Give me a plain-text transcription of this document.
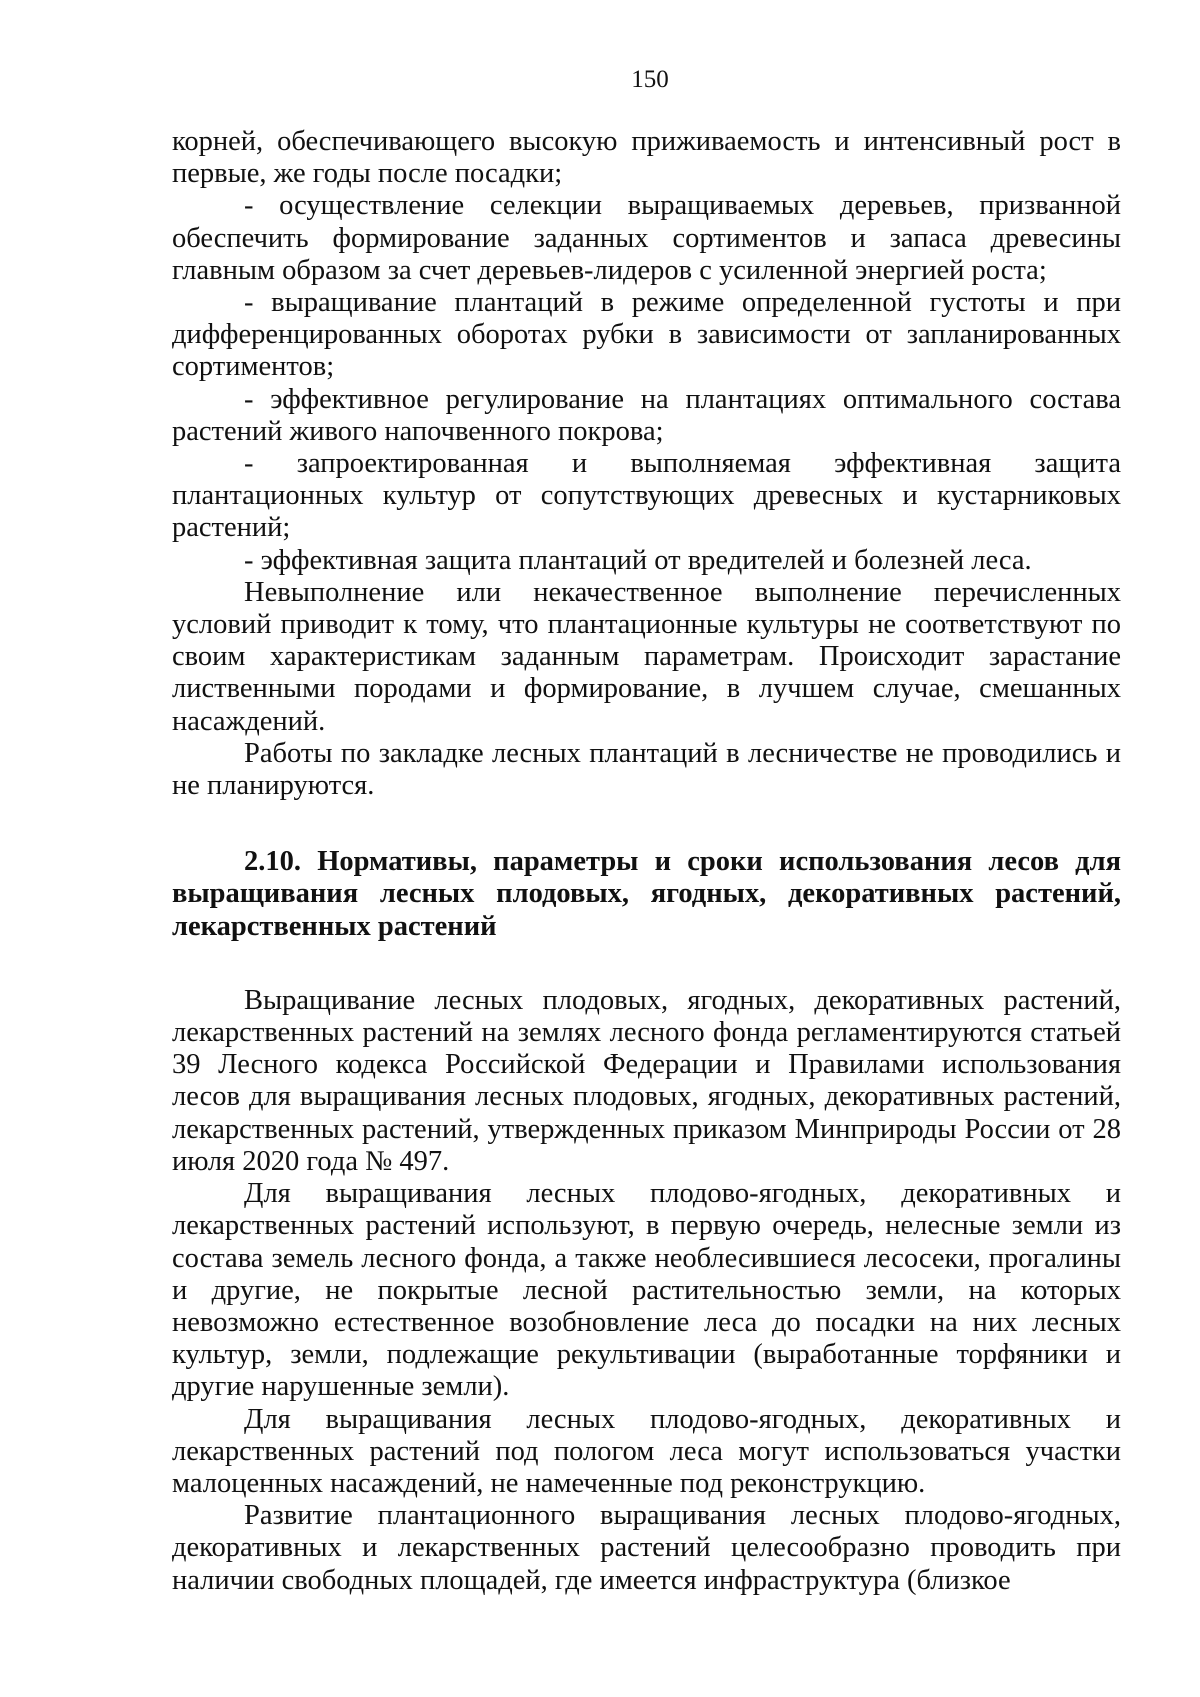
150

корней, обеспечивающего высокую приживаемость и интенсивный рост в первые, же годы после посадки;

- осуществление селекции выращиваемых деревьев, призванной обеспечить формирование заданных сортиментов и запаса древесины главным образом за счет деревьев-лидеров с усиленной энергией роста;

- выращивание плантаций в режиме определенной густоты и при дифференцированных оборотах рубки в зависимости от запланированных сортиментов;

- эффективное регулирование на плантациях оптимального состава растений живого напочвенного покрова;

- запроектированная и выполняемая эффективная защита плантационных культур от сопутствующих древесных и кустарниковых растений;

- эффективная защита плантаций от вредителей и болезней леса.

Невыполнение или некачественное выполнение перечисленных условий приводит к тому, что плантационные культуры не соответствуют по своим характеристикам заданным параметрам. Происходит зарастание лиственными породами и формирование, в лучшем случае, смешанных насаждений.

Работы по закладке лесных плантаций в лесничестве не проводились и не планируются.

2.10. Нормативы, параметры и сроки использования лесов для выращивания лесных плодовых, ягодных, декоративных растений, лекарственных растений

Выращивание лесных плодовых, ягодных, декоративных растений, лекарственных растений на землях лесного фонда регламентируются статьей 39 Лесного кодекса Российской Федерации и Правилами использования лесов для выращивания лесных плодовых, ягодных, декоративных растений, лекарственных растений, утвержденных приказом Минприроды России от 28 июля 2020 года № 497.

Для выращивания лесных плодово-ягодных, декоративных и лекарственных растений используют, в первую очередь, нелесные земли из состава земель лесного фонда, а также необлесившиеся лесосеки, прогалины и другие, не покрытые лесной растительностью земли, на которых невозможно естественное возобновление леса до посадки на них лесных культур, земли, подлежащие рекультивации (выработанные торфяники и другие нарушенные земли).

Для выращивания лесных плодово-ягодных, декоративных и лекарственных растений под пологом леса могут использоваться участки малоценных насаждений, не намеченные под реконструкцию.

Развитие плантационного выращивания лесных плодово-ягодных, декоративных и лекарственных растений целесообразно проводить при наличии свободных площадей, где имеется инфраструктура (близкое
